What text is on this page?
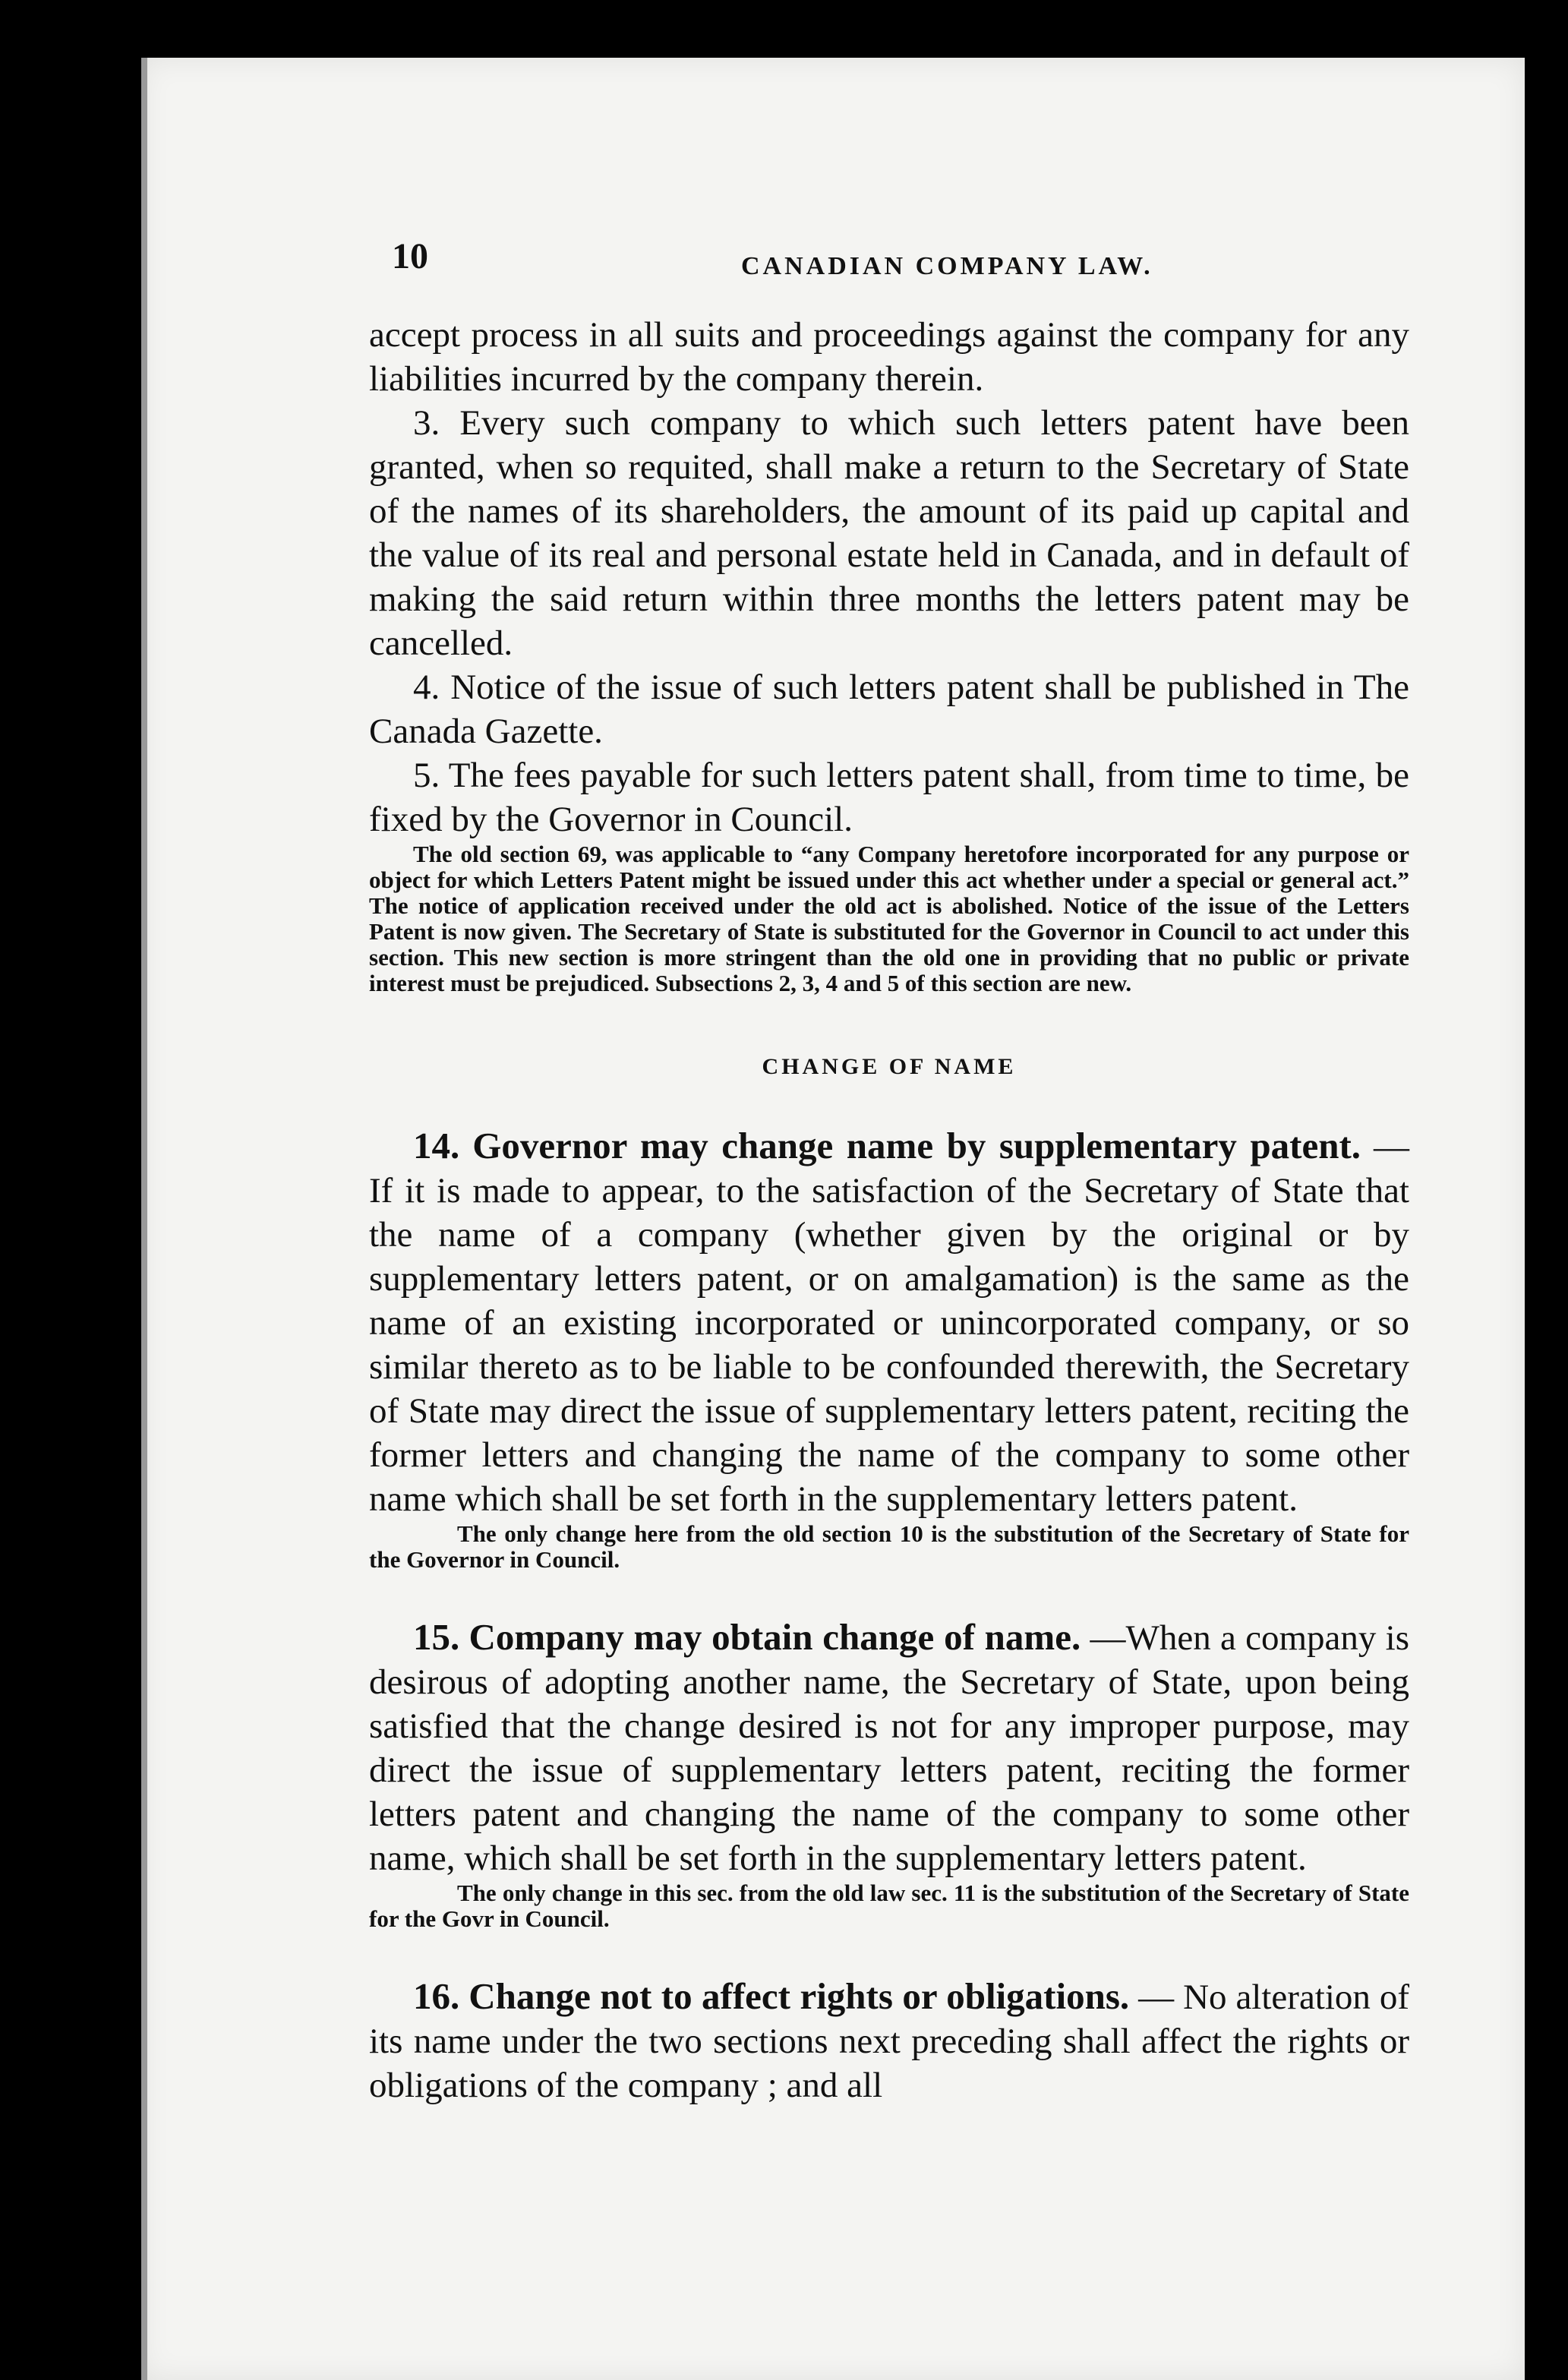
10	CANADIAN COMPANY LAW.

accept process in all suits and proceedings against the company for any liabilities incurred by the company therein.

3. Every such company to which such letters patent have been granted, when so requited, shall make a return to the Secretary of State of the names of its shareholders, the amount of its paid up capital and the value of its real and personal estate held in Canada, and in default of making the said return within three months the letters patent may be cancelled.

4. Notice of the issue of such letters patent shall be published in The Canada Gazette.

5. The fees payable for such letters patent shall, from time to time, be fixed by the Governor in Council.

The old section 69, was applicable to “any Company heretofore incorporated for any purpose or object for which Letters Patent might be issued under this act whether under a special or general act.” The notice of application received under the old act is abolished. Notice of the issue of the Letters Patent is now given. The Secretary of State is substituted for the Governor in Council to act under this section. This new section is more stringent than the old one in providing that no public or private interest must be prejudiced. Subsections 2, 3, 4 and 5 of this section are new.

CHANGE OF NAME

14. Governor may change name by supplementary patent. — If it is made to appear, to the satisfaction of the Secretary of State that the name of a company (whether given by the original or by supplementary letters patent, or on amalgamation) is the same as the name of an existing incorporated or unincorporated company, or so similar thereto as to be liable to be confounded therewith, the Secretary of State may direct the issue of supplementary letters patent, reciting the former letters and changing the name of the company to some other name which shall be set forth in the supplementary letters patent.

The only change here from the old section 10 is the substitution of the Secretary of State for the Governor in Council.

15. Company may obtain change of name. —When a company is desirous of adopting another name, the Secretary of State, upon being satisfied that the change desired is not for any improper purpose, may direct the issue of supplementary letters patent, reciting the former letters patent and changing the name of the company to some other name, which shall be set forth in the supplementary letters patent.

The only change in this sec. from the old law sec. 11 is the substitution of the Secretary of State for the Govr in Council.

16. Change not to affect rights or obligations. — No alteration of its name under the two sections next preceding shall affect the rights or obligations of the company ; and all
